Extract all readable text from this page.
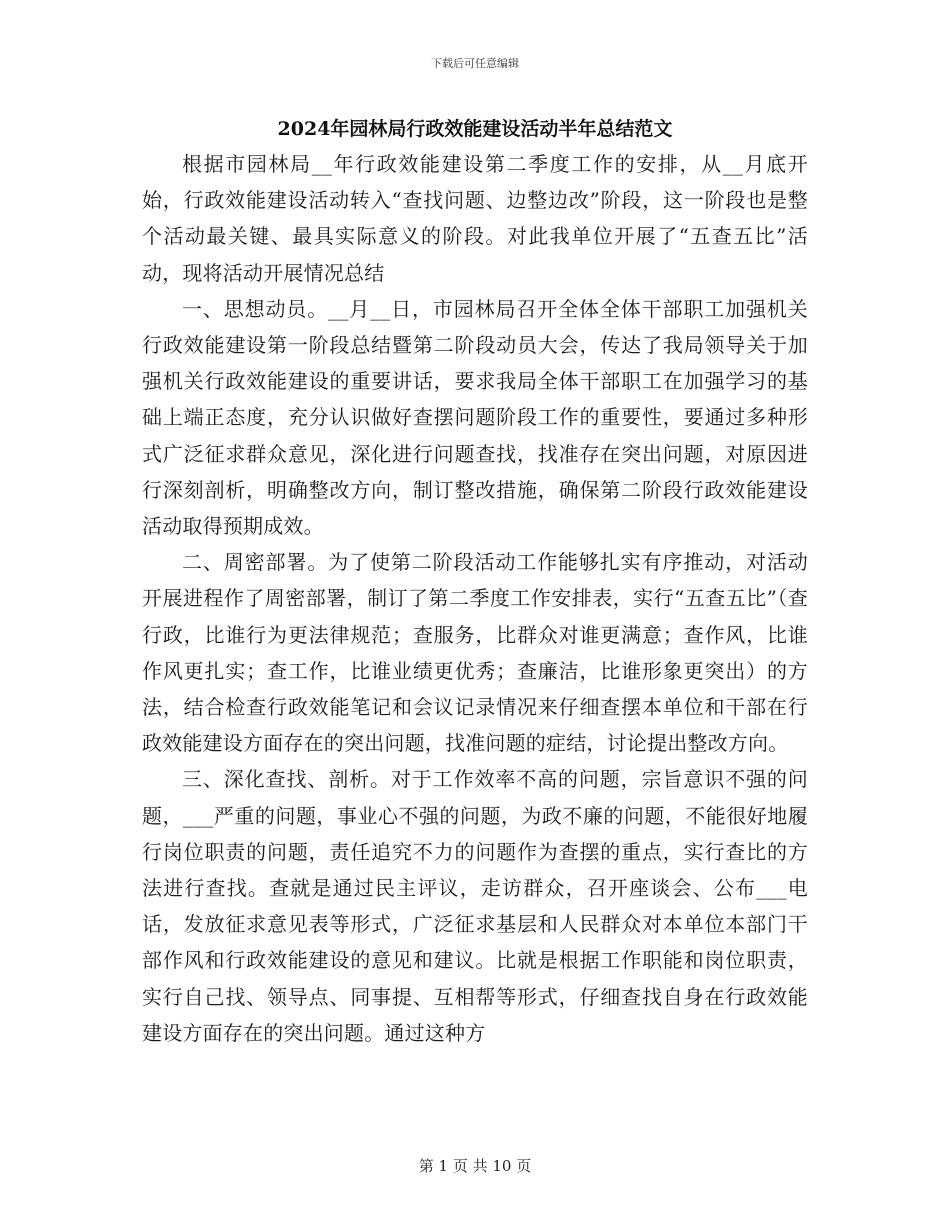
下载后可任意编辑
2024年园林局行政效能建设活动半年总结范文

根据市园林局__年行政效能建设第二季度工作的安排，从__月底开始，行政效能建设活动转入“查找问题、边整边改”阶段，这一阶段也是整个活动最关键、最具实际意义的阶段。对此我单位开展了“五查五比”活动，现将活动开展情况总结

一、思想动员。__月__日，市园林局召开全体全体干部职工加强机关行政效能建设第一阶段总结暨第二阶段动员大会，传达了我局领导关于加强机关行政效能建设的重要讲话，要求我局全体干部职工在加强学习的基础上端正态度，充分认识做好查摆问题阶段工作的重要性，要通过多种形式广泛征求群众意见，深化进行问题查找，找准存在突出问题，对原因进行深刻剖析，明确整改方向，制订整改措施，确保第二阶段行政效能建设活动取得预期成效。

二、周密部署。为了使第二阶段活动工作能够扎实有序推动，对活动开展进程作了周密部署，制订了第二季度工作安排表，实行“五查五比”（查行政，比谁行为更法律规范；查服务，比群众对谁更满意；查作风，比谁作风更扎实；查工作，比谁业绩更优秀；查廉洁，比谁形象更突出）的方法，结合检查行政效能笔记和会议记录情况来仔细查摆本单位和干部在行政效能建设方面存在的突出问题，找准问题的症结，讨论提出整改方向。

三、深化查找、剖析。对于工作效率不高的问题，宗旨意识不强的问题，___严重的问题，事业心不强的问题，为政不廉的问题，不能很好地履行岗位职责的问题，责任追究不力的问题作为查摆的重点，实行查比的方法进行查找。查就是通过民主评议，走访群众，召开座谈会、公布___电话，发放征求意见表等形式，广泛征求基层和人民群众对本单位本部门干部作风和行政效能建设的意见和建议。比就是根据工作职能和岗位职责，实行自己找、领导点、同事提、互相帮等形式，仔细查找自身在行政效能建设方面存在的突出问题。通过这种方

第 1 页 共 10 页
